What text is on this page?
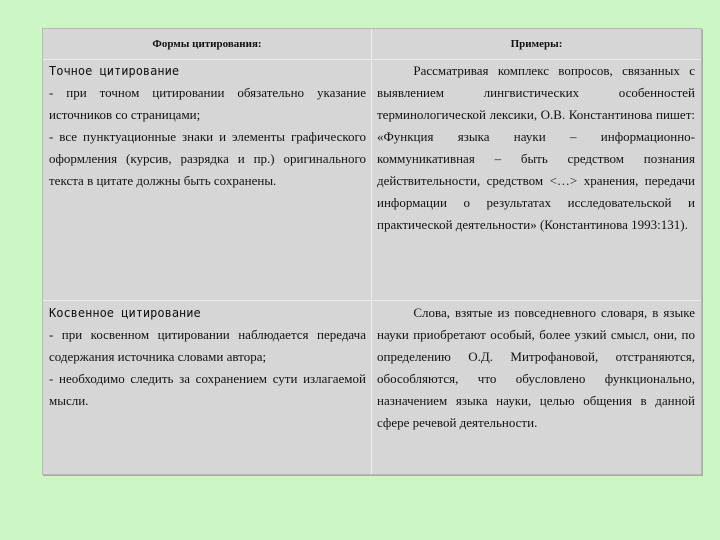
Формы цитирования:	Примеры:
Точное цитирование
- при точном цитировании обязательно указание источников со страницами;
- все пунктуационные знаки и элементы графического оформления (курсив, разрядка и пр.) оригинального текста в цитате должны быть сохранены.
Рассматривая комплекс вопросов, связанных с выявлением лингвистических особенностей терминологической лексики, О.В. Константинова пишет: «Функция языка науки – информационно-коммуникативная – быть средством познания действительности, средством <…> хранения, передачи информации о результатах исследовательской и практической деятельности» (Константинова 1993:131).
Косвенное цитирование
- при косвенном цитировании наблюдается передача содержания источника словами автора;
- необходимо следить за сохранением сути излагаемой мысли.
Слова, взятые из повседневного словаря, в языке науки приобретают особый, более узкий смысл, они, по определению О.Д. Митрофановой, отстраняются, обособляются, что обусловлено функционально, назначением языка науки, целью общения в данной сфере речевой деятельности.
